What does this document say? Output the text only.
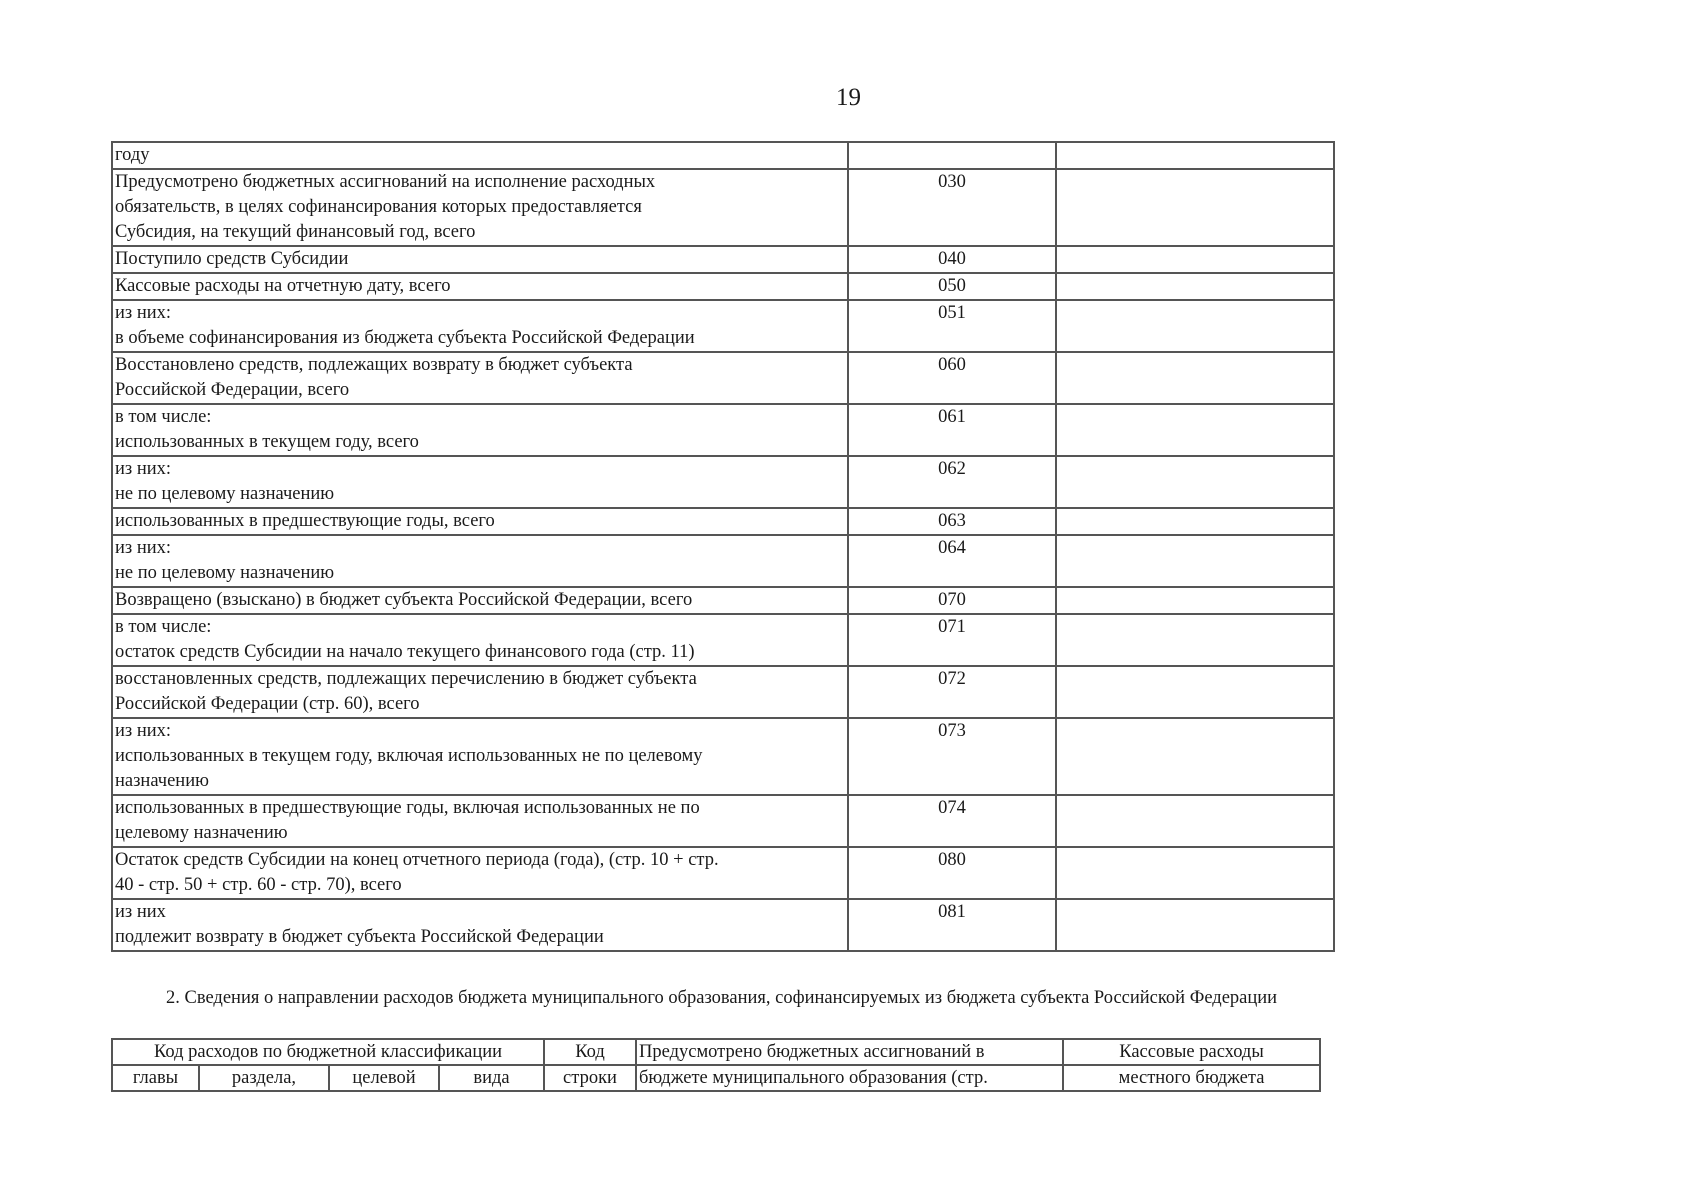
19
году		
Предусмотрено бюджетных ассигнований на исполнение расходных
обязательств, в целях софинансирования которых предоставляется
Субсидия, на текущий финансовый год, всего	030	
Поступило средств Субсидии	040	
Кассовые расходы на отчетную дату, всего	050	
из них:
в объеме софинансирования из бюджета субъекта Российской Федерации	051	
Восстановлено средств, подлежащих возврату в бюджет субъекта
Российской Федерации, всего	060	
в том числе:
использованных в текущем году, всего	061	
из них:
не по целевому назначению	062	
использованных в предшествующие годы, всего	063	
из них:
не по целевому назначению	064	
Возвращено (взыскано) в бюджет субъекта Российской Федерации, всего	070	
в том числе:
остаток средств Субсидии на начало текущего финансового года (стр. 11)	071	
восстановленных средств, подлежащих перечислению в бюджет субъекта
Российской Федерации (стр. 60), всего	072	
из них:
использованных в текущем году, включая использованных не по целевому
назначению	073	
использованных в предшествующие годы, включая использованных не по
целевому назначению	074	
Остаток средств Субсидии на конец отчетного периода (года), (стр. 10 + стр.
40 - стр. 50 + стр. 60 - стр. 70), всего	080	
из них
подлежит возврату в бюджет субъекта Российской Федерации	081	
2. Сведения о направлении расходов бюджета муниципального образования, софинансируемых из бюджета субъекта Российской Федерации
Код расходов по бюджетной классификации				Код	Предусмотрено бюджетных ассигнований в	Кассовые расходы
главы	раздела,	целевой	вида	строки	бюджете муниципального образования (стр.	местного бюджета
